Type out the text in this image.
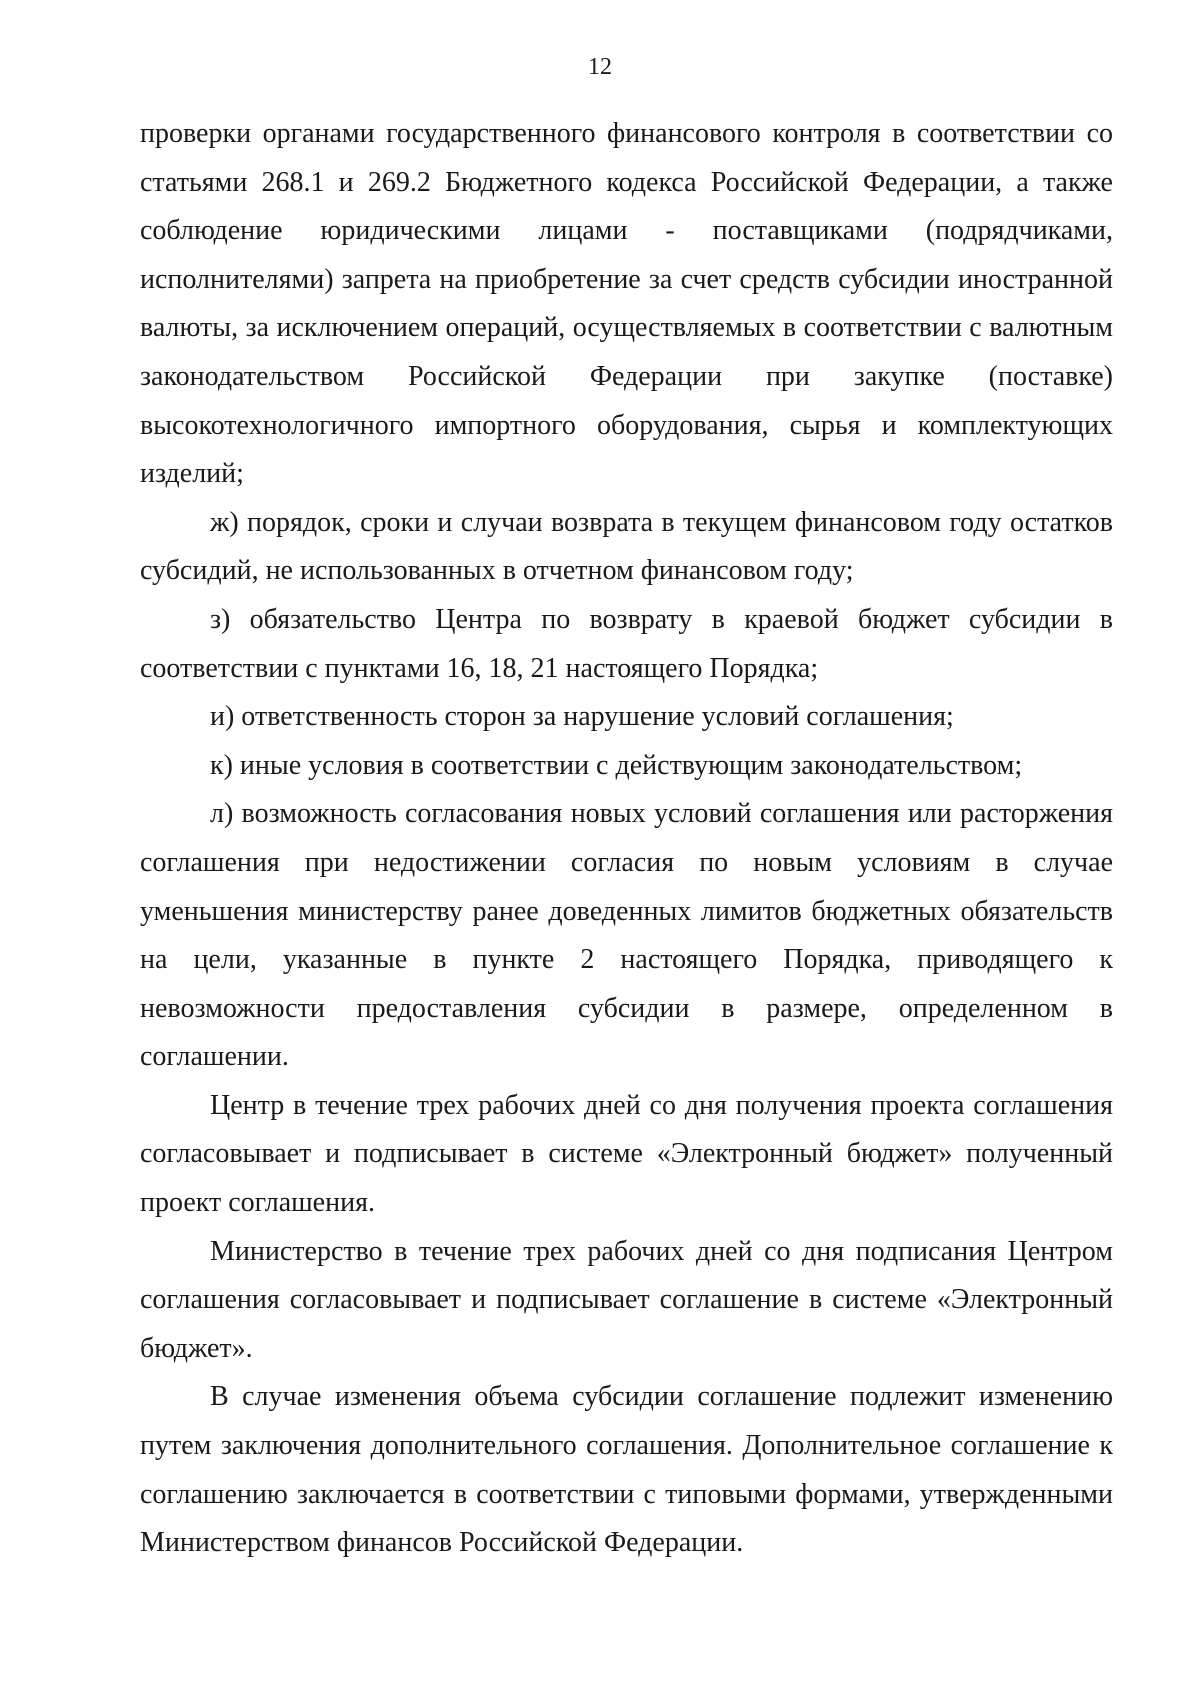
12

проверки органами государственного финансового контроля в соответствии со статьями 268.1 и 269.2 Бюджетного кодекса Российской Федерации, а также соблюдение юридическими лицами - поставщиками (подрядчиками, исполнителями) запрета на приобретение за счет средств субсидии иностранной валюты, за исключением операций, осуществляемых в соответствии с валютным законодательством Российской Федерации при закупке (поставке) высокотехнологичного импортного оборудования, сырья и комплектующих изделий;

ж) порядок, сроки и случаи возврата в текущем финансовом году остатков субсидий, не использованных в отчетном финансовом году;

з) обязательство Центра по возврату в краевой бюджет субсидии в соответствии с пунктами 16, 18, 21 настоящего Порядка;

и) ответственность сторон за нарушение условий соглашения;

к) иные условия в соответствии с действующим законодательством;

л) возможность согласования новых условий соглашения или расторжения соглашения при недостижении согласия по новым условиям в случае уменьшения министерству ранее доведенных лимитов бюджетных обязательств на цели, указанные в пункте 2 настоящего Порядка, приводящего к невозможности предоставления субсидии в размере, определенном в соглашении.

Центр в течение трех рабочих дней со дня получения проекта соглашения согласовывает и подписывает в системе «Электронный бюджет» полученный проект соглашения.

Министерство в течение трех рабочих дней со дня подписания Центром соглашения согласовывает и подписывает соглашение в системе «Электронный бюджет».

В случае изменения объема субсидии соглашение подлежит изменению путем заключения дополнительного соглашения. Дополнительное соглашение к соглашению заключается в соответствии с типовыми формами, утвержденными Министерством финансов Российской Федерации.
